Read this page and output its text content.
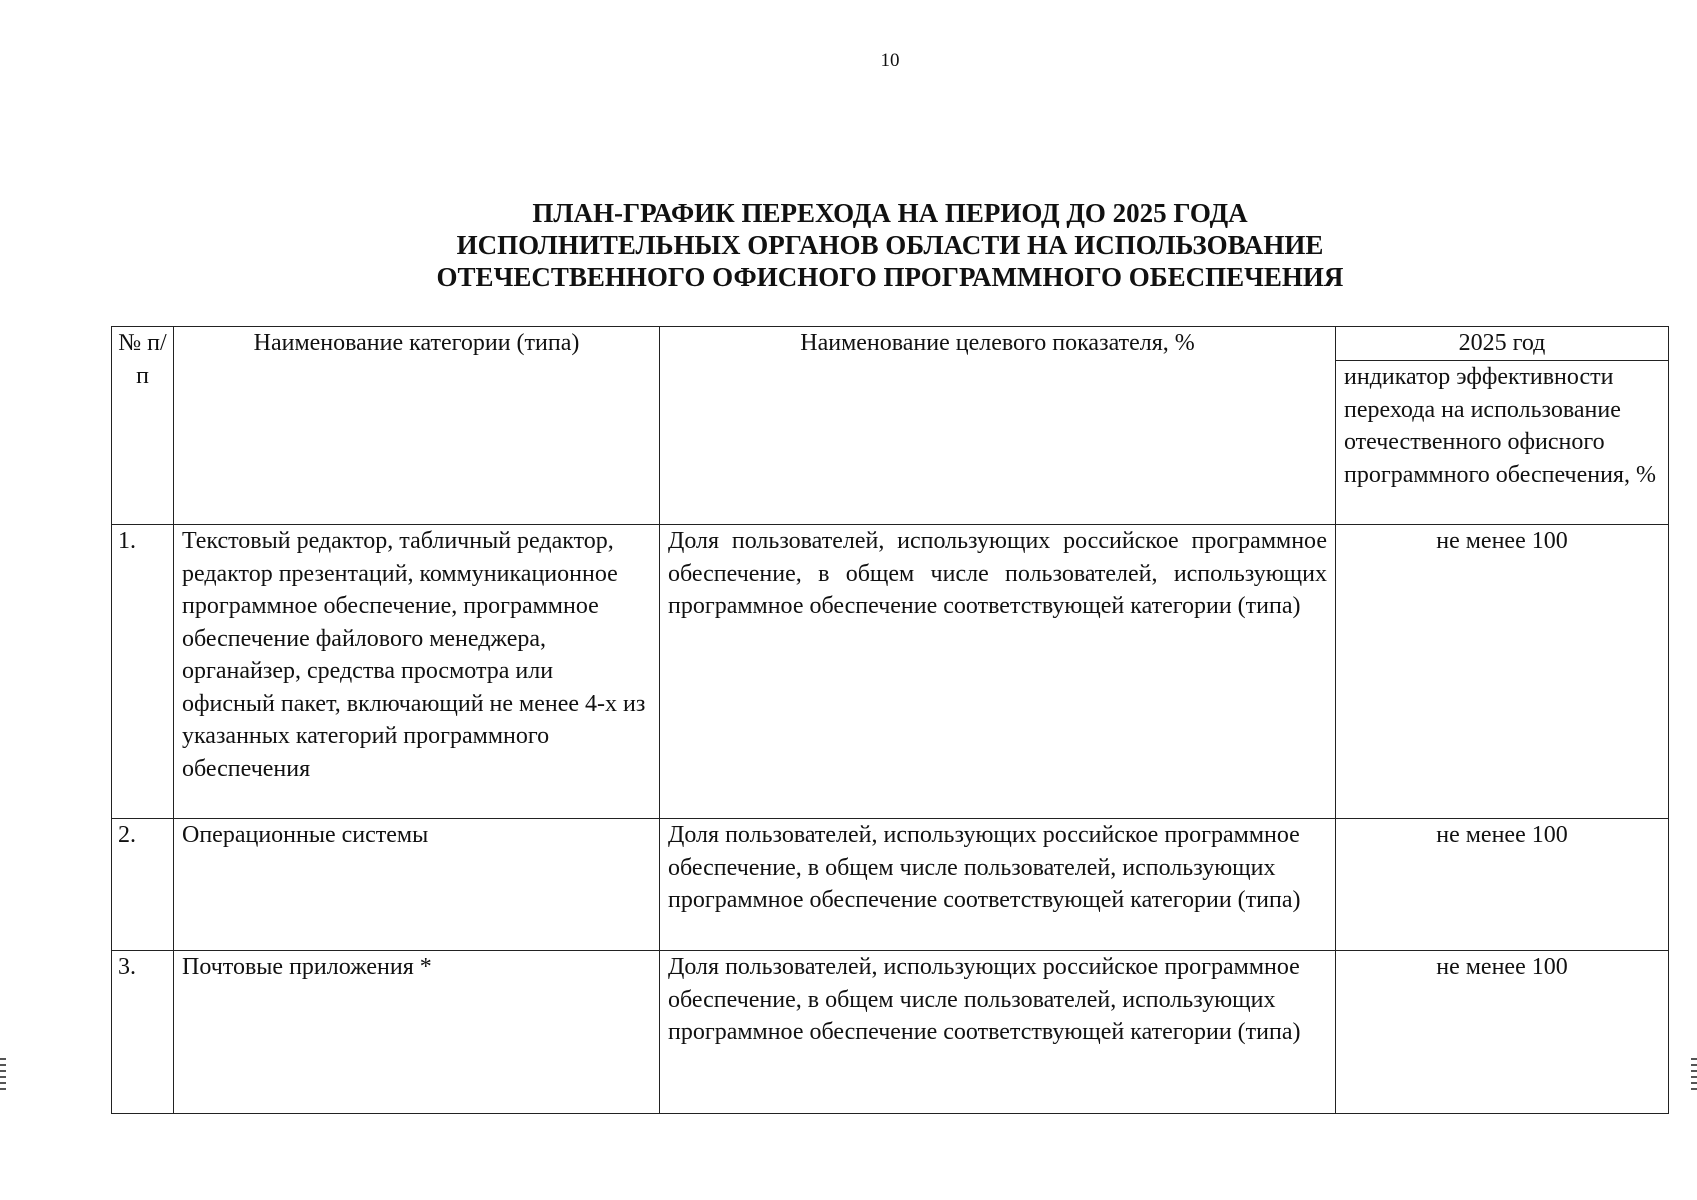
10
ПЛАН-ГРАФИК ПЕРЕХОДА НА ПЕРИОД ДО 2025 ГОДА
ИСПОЛНИТЕЛЬНЫХ ОРГАНОВ ОБЛАСТИ НА ИСПОЛЬЗОВАНИЕ
ОТЕЧЕСТВЕННОГО ОФИСНОГО ПРОГРАММНОГО ОБЕСПЕЧЕНИЯ
№ п/п	Наименование категории (типа)	Наименование целевого показателя, %	2025 год
			индикатор эффективности перехода на использование отечественного офисного программного обеспечения, %
1.	Текстовый редактор, табличный редактор, редактор презентаций, коммуникационное программное обеспечение, программное обеспечение файлового менеджера, органайзер, средства просмотра или офисный пакет, включающий не менее 4-х из указанных категорий программного обеспечения	Доля пользователей, использующих российское программное обеспечение, в общем числе пользователей, использующих программное обеспечение соответствующей категории (типа)	не менее 100
2.	Операционные системы	Доля пользователей, использующих российское программное обеспечение, в общем числе пользователей, использующих программное обеспечение соответствующей категории (типа)	не менее 100
3.	Почтовые приложения *	Доля пользователей, использующих российское программное обеспечение, в общем числе пользователей, использующих программное обеспечение соответствующей категории (типа)	не менее 100
